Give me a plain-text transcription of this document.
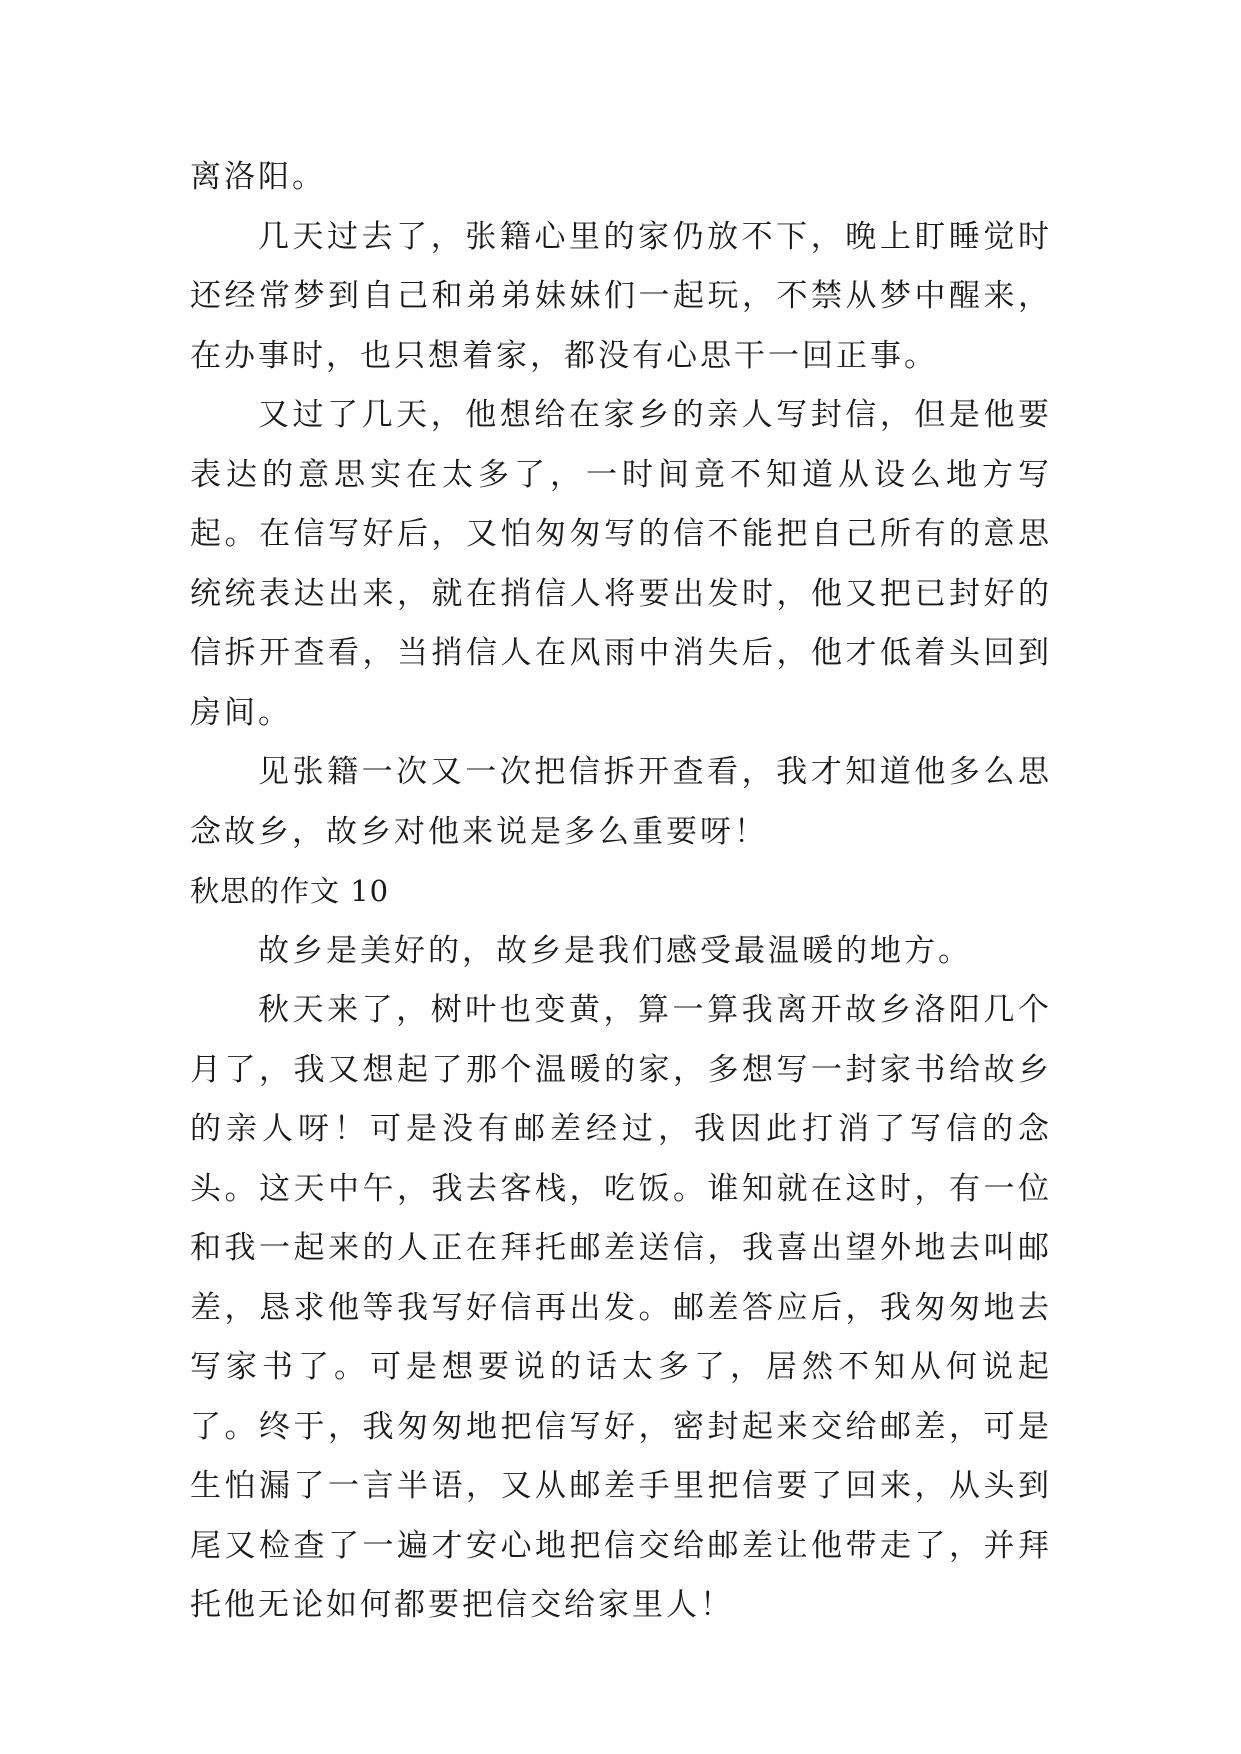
离洛阳。

几天过去了，张籍心里的家仍放不下，晚上盯睡觉时还经常梦到自己和弟弟妹妹们一起玩，不禁从梦中醒来，在办事时，也只想着家，都没有心思干一回正事。

又过了几天，他想给在家乡的亲人写封信，但是他要表达的意思实在太多了，一时间竟不知道从设么地方写起。在信写好后，又怕匆匆写的信不能把自己所有的意思统统表达出来，就在捎信人将要出发时，他又把已封好的信拆开查看，当捎信人在风雨中消失后，他才低着头回到房间。

见张籍一次又一次把信拆开查看，我才知道他多么思念故乡，故乡对他来说是多么重要呀！

秋思的作文 10

故乡是美好的，故乡是我们感受最温暖的地方。

秋天来了，树叶也变黄，算一算我离开故乡洛阳几个月了，我又想起了那个温暖的家，多想写一封家书给故乡的亲人呀！可是没有邮差经过，我因此打消了写信的念头。这天中午，我去客栈，吃饭。谁知就在这时，有一位和我一起来的人正在拜托邮差送信，我喜出望外地去叫邮差，恳求他等我写好信再出发。邮差答应后，我匆匆地去写家书了。可是想要说的话太多了，居然不知从何说起了。终于，我匆匆地把信写好，密封起来交给邮差，可是生怕漏了一言半语，又从邮差手里把信要了回来，从头到尾又检查了一遍才安心地把信交给邮差让他带走了，并拜托他无论如何都要把信交给家里人！
